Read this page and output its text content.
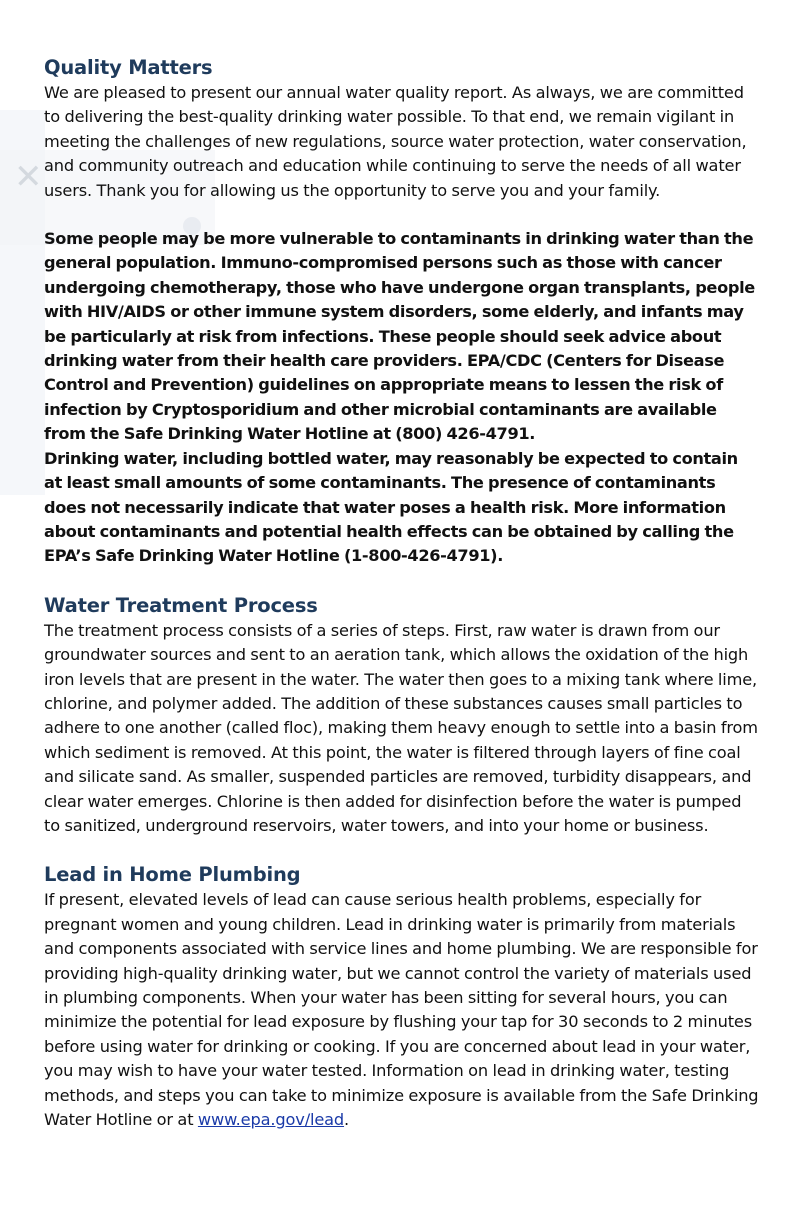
✕
Quality Matters

We are pleased to present our annual water quality report. As always, we are committed to delivering the best-quality drinking water possible. To that end, we remain vigilant in meeting the challenges of new regulations, source water protection, water conservation, and community outreach and education while continuing to serve the needs of all water users. Thank you for allowing us the opportunity to serve you and your family.

Some people may be more vulnerable to contaminants in drinking water than the general population. Immuno-compromised persons such as those with cancer undergoing chemotherapy, those who have undergone organ transplants, people with HIV/AIDS or other immune system disorders, some elderly, and infants may be particularly at risk from infections. These people should seek advice about drinking water from their health care providers. EPA/CDC (Centers for Disease Control and Prevention) guidelines on appropriate means to lessen the risk of infection by Cryptosporidium and other microbial contaminants are available from the Safe Drinking Water Hotline at (800) 426-4791.

Drinking water, including bottled water, may reasonably be expected to contain at least small amounts of some contaminants. The presence of contaminants does not necessarily indicate that water poses a health risk. More information about contaminants and potential health effects can be obtained by calling the EPA’s Safe Drinking Water Hotline (1-800-426-4791).

Water Treatment Process

The treatment process consists of a series of steps. First, raw water is drawn from our groundwater sources and sent to an aeration tank, which allows the oxidation of the high iron levels that are present in the water. The water then goes to a mixing tank where lime, chlorine, and polymer added. The addition of these substances causes small particles to adhere to one another (called floc), making them heavy enough to settle into a basin from which sediment is removed. At this point, the water is filtered through layers of fine coal and silicate sand. As smaller, suspended particles are removed, turbidity disappears, and clear water emerges. Chlorine is then added for disinfection before the water is pumped to sanitized, underground reservoirs, water towers, and into your home or business.

Lead in Home Plumbing

If present, elevated levels of lead can cause serious health problems, especially for pregnant women and young children. Lead in drinking water is primarily from materials and components associated with service lines and home plumbing. We are responsible for providing high-quality drinking water, but we cannot control the variety of materials used in plumbing components. When your water has been sitting for several hours, you can minimize the potential for lead exposure by flushing your tap for 30 seconds to 2 minutes before using water for drinking or cooking. If you are concerned about lead in your water, you may wish to have your water tested. Information on lead in drinking water, testing methods, and steps you can take to minimize exposure is available from the Safe Drinking Water Hotline or at www.epa.gov/lead.
